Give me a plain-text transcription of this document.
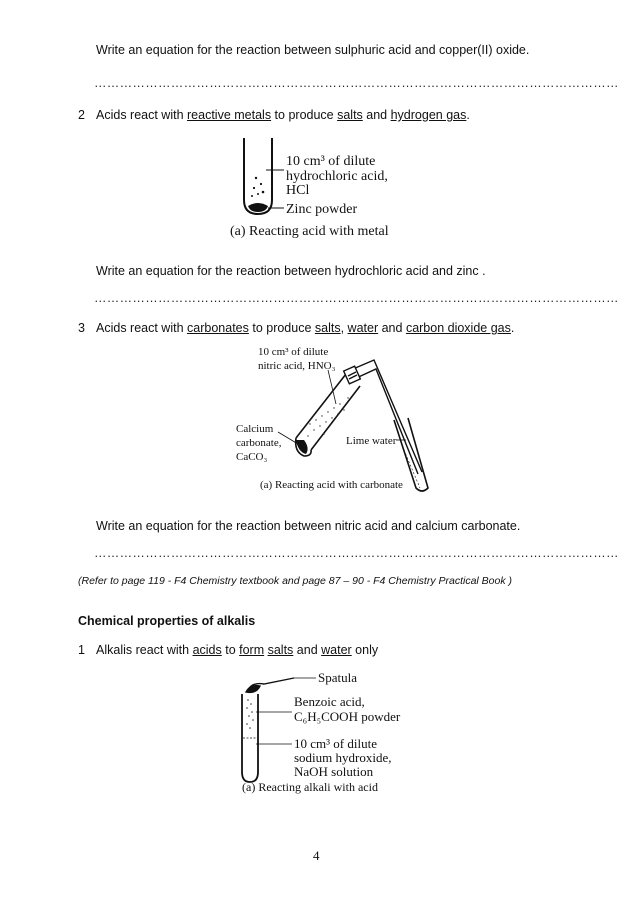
Write an equation for the reaction between sulphuric acid and copper(II) oxide.
……………………………………………………………………………………………………………
2 Acids react with reactive metals to produce salts and hydrogen gas.
10 cm³ of dilute
hydrochloric acid,
HCl
Zinc powder
(a) Reacting acid with metal
Write an equation for the reaction between hydrochloric acid and zinc .
……………………………………………………………………………………………………………
3 Acids react with carbonates to produce salts, water and carbon dioxide gas.
10 cm³ of dilute
nitric acid, HNO₃
Calcium
carbonate,
CaCO₃
Lime water
(a) Reacting acid with carbonate
Write an equation for the reaction between nitric acid and calcium carbonate.
……………………………………………………………………………………………………………
(Refer to page 119 - F4 Chemistry textbook and page 87 – 90 - F4 Chemistry Practical Book )
Chemical properties of alkalis
1 Alkalis react with acids to form salts and water only
Spatula
Benzoic acid,
C₆H₅COOH powder
10 cm³ of dilute
sodium hydroxide,
NaOH solution
(a) Reacting alkali with acid
4
